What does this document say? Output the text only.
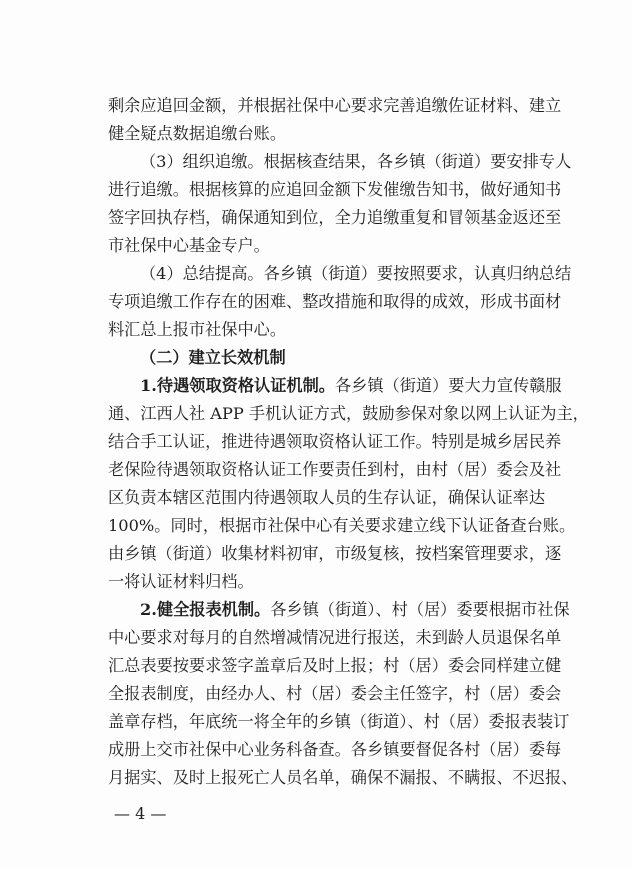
剩余应追回金额，并根据社保中心要求完善追缴佐证材料、建立
健全疑点数据追缴台账。
（3）组织追缴。根据核查结果，各乡镇（街道）要安排专人
进行追缴。根据核算的应追回金额下发催缴告知书，做好通知书
签字回执存档，确保通知到位，全力追缴重复和冒领基金返还至
市社保中心基金专户。
（4）总结提高。各乡镇（街道）要按照要求，认真归纳总结
专项追缴工作存在的困难、整改措施和取得的成效，形成书面材
料汇总上报市社保中心。
（二）建立长效机制
1.待遇领取资格认证机制。各乡镇（街道）要大力宣传赣服
通、江西人社 APP 手机认证方式，鼓励参保对象以网上认证为主，
结合手工认证，推进待遇领取资格认证工作。特别是城乡居民养
老保险待遇领取资格认证工作要责任到村，由村（居）委会及社
区负责本辖区范围内待遇领取人员的生存认证，确保认证率达
100%。同时，根据市社保中心有关要求建立线下认证备查台账。
由乡镇（街道）收集材料初审，市级复核，按档案管理要求，逐
一将认证材料归档。
2.健全报表机制。各乡镇（街道）、村（居）委要根据市社保
中心要求对每月的自然增减情况进行报送，未到龄人员退保名单
汇总表要按要求签字盖章后及时上报；村（居）委会同样建立健
全报表制度，由经办人、村（居）委会主任签字，村（居）委会
盖章存档，年底统一将全年的乡镇（街道）、村（居）委报表装订
成册上交市社保中心业务科备查。各乡镇要督促各村（居）委每
月据实、及时上报死亡人员名单，确保不漏报、不瞒报、不迟报、
— 4 —
